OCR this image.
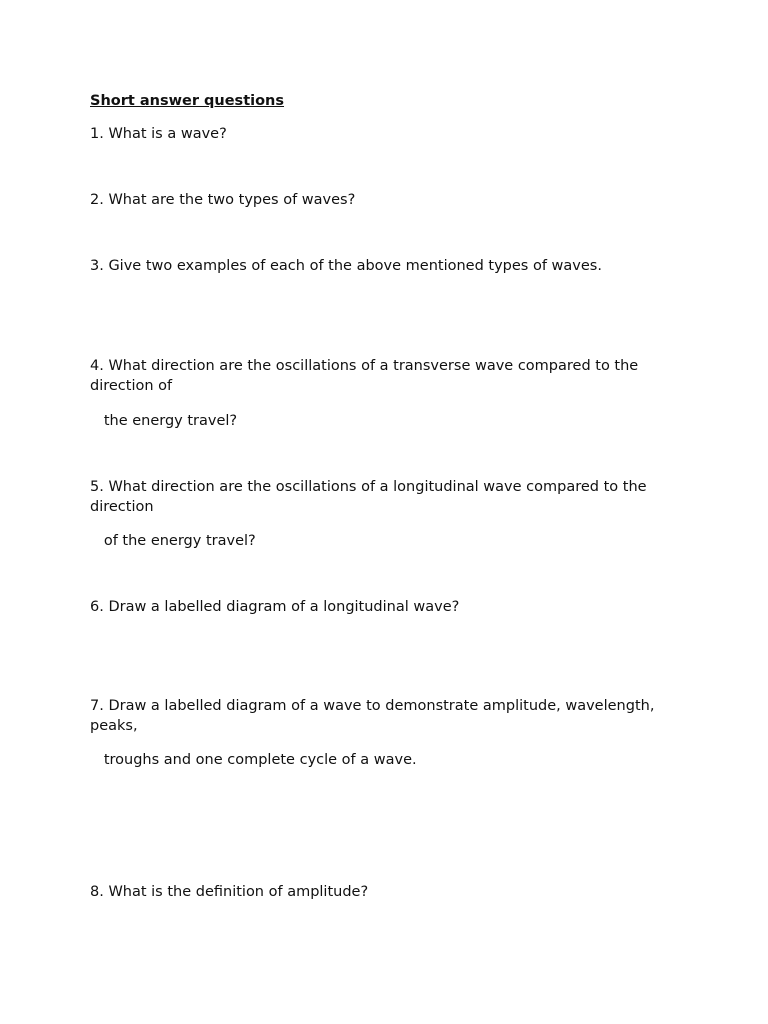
Short answer questions
1. What is a wave?
2. What are the two types of waves?
3. Give two examples of each of the above mentioned types of waves.
4. What direction are the oscillations of a transverse wave compared to the direction of
the energy travel?
5. What direction are the oscillations of a longitudinal wave compared to the direction
of the energy travel?
6. Draw a labelled diagram of a longitudinal wave?
7. Draw a labelled diagram of a wave to demonstrate amplitude, wavelength, peaks,
troughs and one complete cycle of a wave.
8. What is the definition of amplitude?
